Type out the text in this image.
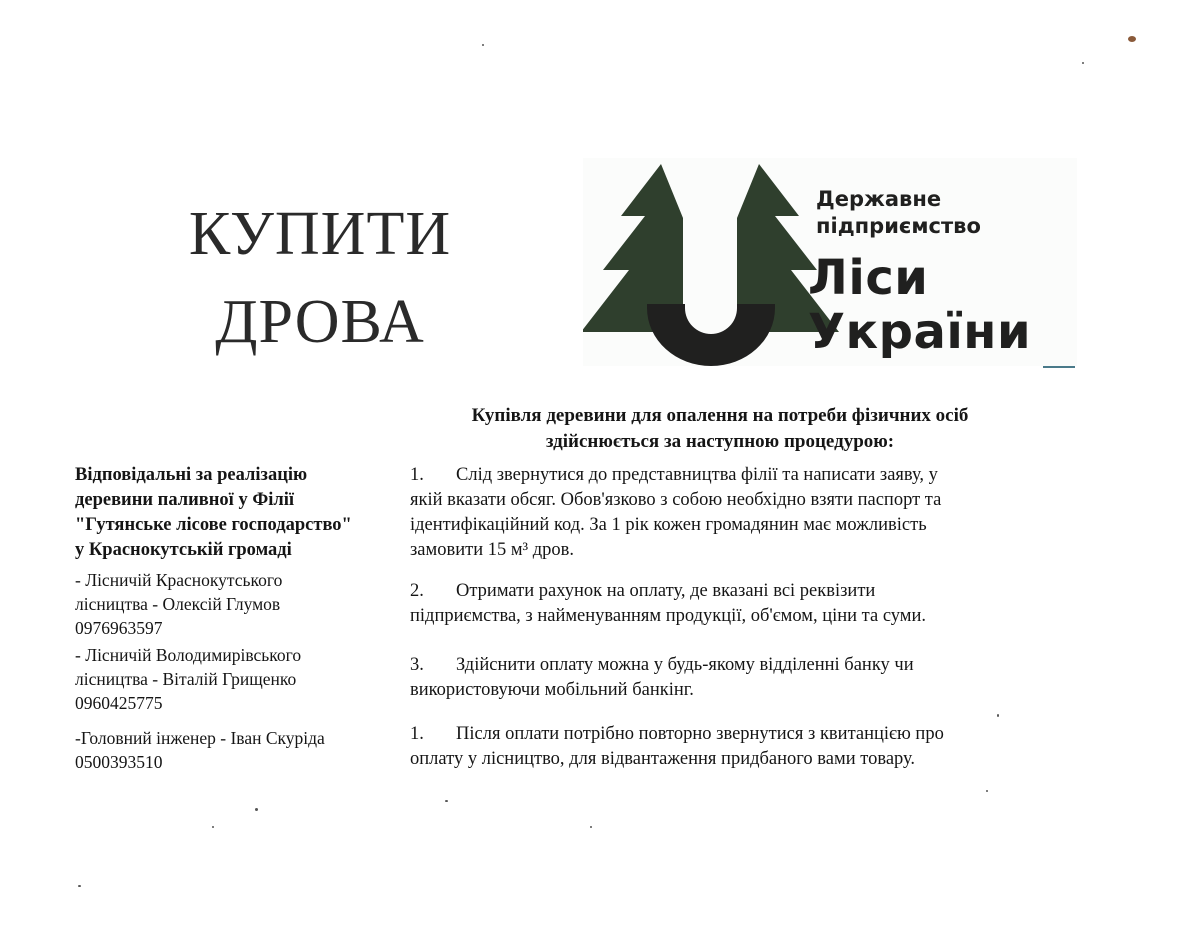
КУПИТИ
ДРОВА
Державне
підприємство
Ліси
України
Купівля деревини для опалення на потреби фізичних осіб
здійснюється за наступною процедурою:
1. Слід звернутися до представництва філії та написати заяву, у
якій вказати обсяг. Обов'язково з собою необхідно взяти паспорт та
ідентифікаційний код. За 1 рік кожен громадянин має можливість
замовити 15 м³ дров.
2. Отримати рахунок на оплату, де вказані всі реквізити
підприємства, з найменуванням продукції, об'ємом, ціни та суми.
3. Здійснити оплату можна у будь-якому відділенні банку чи
використовуючи мобільний банкінг.
1. Після оплати потрібно повторно звернутися з квитанцією про
оплату у лісництво, для відвантаження придбаного вами товару.
Відповідальні за реалізацію
деревини паливної у Філії
"Гутянське лісове господарство"
у Краснокутській громаді
- Лісничій Краснокутського
лісництва - Олексій Глумов
0976963597
- Лісничій Володимирівського
лісництва - Віталій Грищенко
0960425775
-Головний інженер - Іван Скуріда
0500393510
